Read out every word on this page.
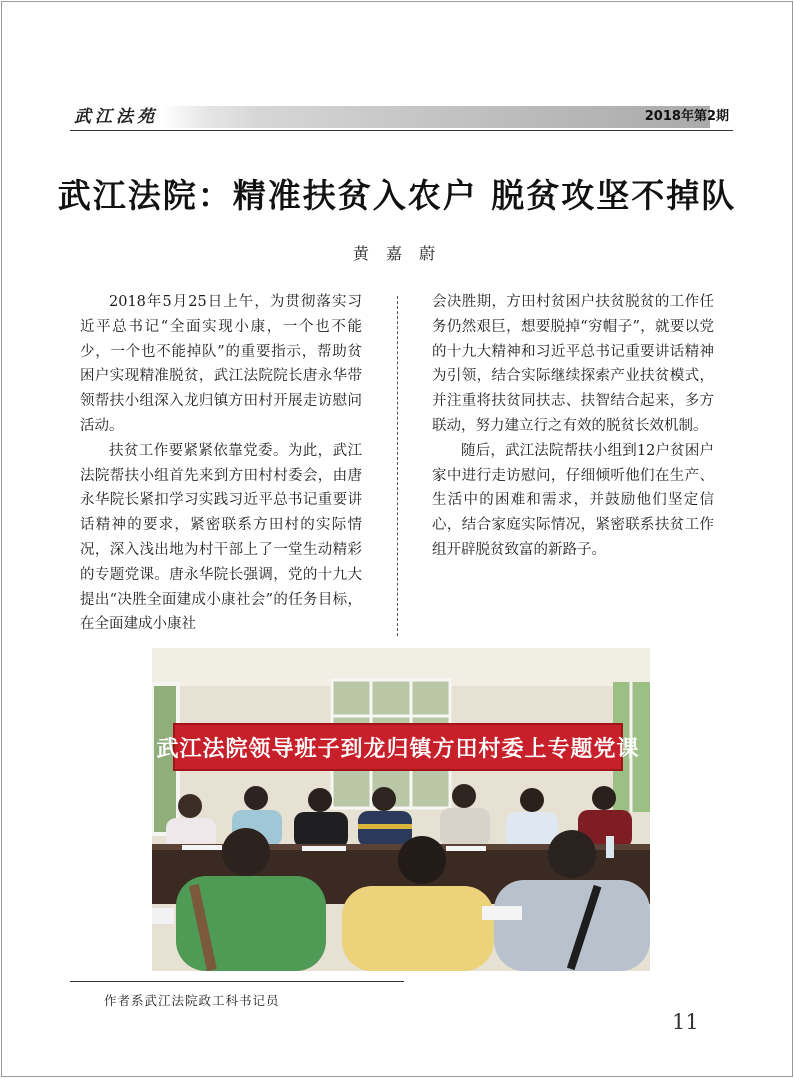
武江法苑	2018年第2期
武江法院：精准扶贫入农户 脱贫攻坚不掉队
黄 嘉 蔚

2018年5月25日上午，为贯彻落实习近平总书记“全面实现小康，一个也不能少，一个也不能掉队”的重要指示，帮助贫困户实现精准脱贫，武江法院院长唐永华带领帮扶小组深入龙归镇方田村开展走访慰问活动。

扶贫工作要紧紧依靠党委。为此，武江法院帮扶小组首先来到方田村村委会，由唐永华院长紧扣学习实践习近平总书记重要讲话精神的要求，紧密联系方田村的实际情况，深入浅出地为村干部上了一堂生动精彩的专题党课。唐永华院长强调，党的十九大提出“决胜全面建成小康社会”的任务目标，在全面建成小康社

会决胜期，方田村贫困户扶贫脱贫的工作任务仍然艰巨，想要脱掉“穷帽子”，就要以党的十九大精神和习近平总书记重要讲话精神为引领，结合实际继续探索产业扶贫模式，并注重将扶贫同扶志、扶智结合起来，多方联动，努力建立行之有效的脱贫长效机制。

随后，武江法院帮扶小组到12户贫困户家中进行走访慰问，仔细倾听他们在生产、生活中的困难和需求，并鼓励他们坚定信心，结合家庭实际情况，紧密联系扶贫工作组开辟脱贫致富的新路子。

武江法院领导班子到龙归镇方田村委上专题党课
作者系武江法院政工科书记员
11
